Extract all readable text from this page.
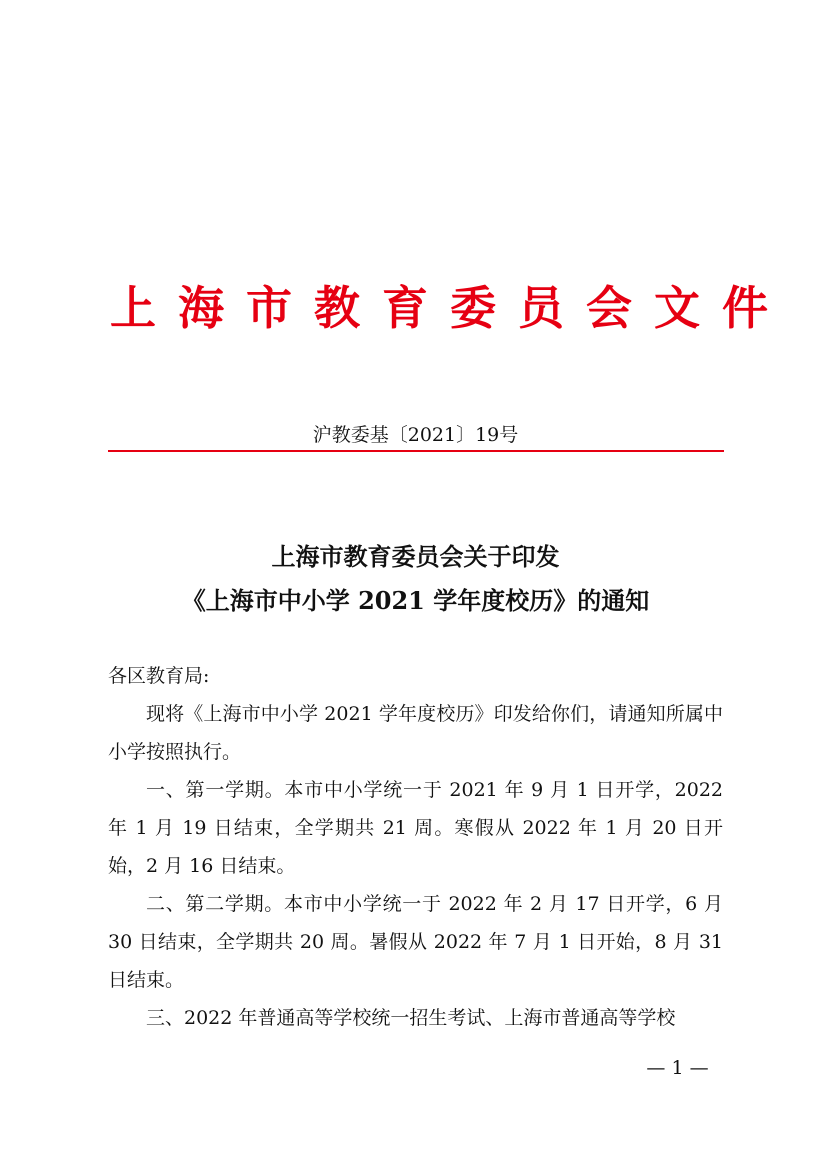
上海市教育委员会文件
沪教委基〔2021〕19号
上海市教育委员会关于印发
《上海市中小学 2021 学年度校历》的通知

各区教育局:

现将《上海市中小学 2021 学年度校历》印发给你们，请通知所属中小学按照执行。

一、第一学期。本市中小学统一于 2021 年 9 月 1 日开学，2022 年 1 月 19 日结束，全学期共 21 周。寒假从 2022 年 1 月 20 日开始，2 月 16 日结束。

二、第二学期。本市中小学统一于 2022 年 2 月 17 日开学，6 月 30 日结束，全学期共 20 周。暑假从 2022 年 7 月 1 日开始，8 月 31 日结束。

三、2022 年普通高等学校统一招生考试、上海市普通高等学校

— 1 —
